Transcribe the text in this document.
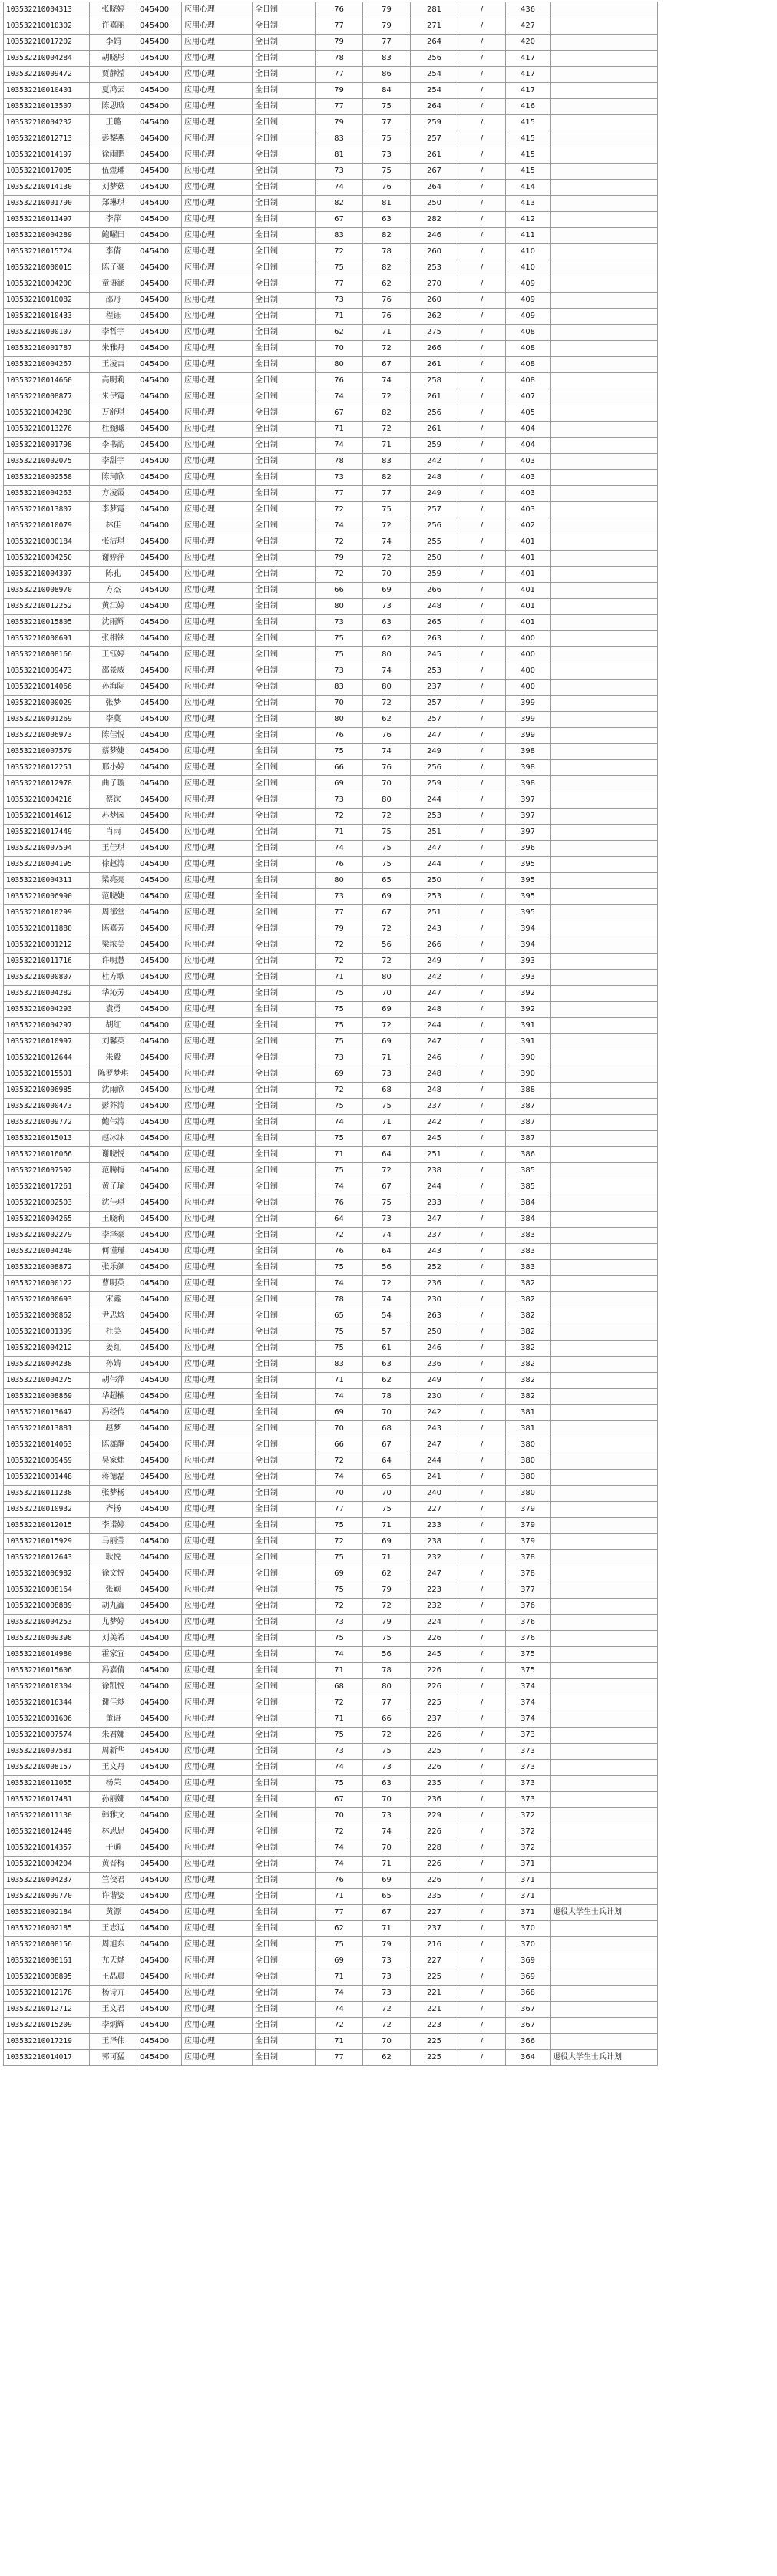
10353221000431​3	张晓婷	045400	应用心理	全日制	76	79	281	/	436	
103532210010302	许嘉丽	045400	应用心理	全日制	77	79	271	/	427	
103532210017202	李娟	045400	应用心理	全日制	79	77	264	/	420	
103532210004284	胡晓彤	045400	应用心理	全日制	78	83	256	/	417	
103532210009472	贾静滢	045400	应用心理	全日制	77	86	254	/	417	
103532210010401	夏鸿云	045400	应用心理	全日制	79	84	254	/	417	
103532210013507	陈思晗	045400	应用心理	全日制	77	75	264	/	416	
103532210004232	王璐	045400	应用心理	全日制	79	77	259	/	415	
103532210012713	彭黎燕	045400	应用心理	全日制	83	75	257	/	415	
103532210014197	徐雨鹏	045400	应用心理	全日制	81	73	261	/	415	
103532210017005	伍煜瓘	045400	应用心理	全日制	73	75	267	/	415	
103532210014130	刘梦菇	045400	应用心理	全日制	74	76	264	/	414	
103532210001790	郑琳琪	045400	应用心理	全日制	82	81	250	/	413	
103532210011497	李萍	045400	应用心理	全日制	67	63	282	/	412	
103532210004289	鲍曜田	045400	应用心理	全日制	83	82	246	/	411	
103532210015724	李倩	045400	应用心理	全日制	72	78	260	/	410	
103532210000015	陈子豪	045400	应用心理	全日制	75	82	253	/	410	
103532210004200	童语涵	045400	应用心理	全日制	77	62	270	/	409	
103532210010082	邵丹	045400	应用心理	全日制	73	76	260	/	409	
103532210010433	程钰	045400	应用心理	全日制	71	76	262	/	409	
103532210000107	李哲宇	045400	应用心理	全日制	62	71	275	/	408	
103532210001787	朱雅丹	045400	应用心理	全日制	70	72	266	/	408	
103532210004267	王凌吉	045400	应用心理	全日制	80	67	261	/	408	
103532210014660	高明莉	045400	应用心理	全日制	76	74	258	/	408	
103532210008877	朱伊霓	045400	应用心理	全日制	74	72	261	/	407	
103532210004280	万舒琪	045400	应用心理	全日制	67	82	256	/	405	
103532210013276	杜婉曦	045400	应用心理	全日制	71	72	261	/	404	
103532210001798	李书韵	045400	应用心理	全日制	74	71	259	/	404	
103532210002075	李甜宇	045400	应用心理	全日制	78	83	242	/	403	
103532210002558	陈珂欣	045400	应用心理	全日制	73	82	248	/	403	
103532210004263	方凌霞	045400	应用心理	全日制	77	77	249	/	403	
103532210013807	李梦霓	045400	应用心理	全日制	72	75	257	/	403	
103532210010079	林佳	045400	应用心理	全日制	74	72	256	/	402	
103532210000184	张洁琪	045400	应用心理	全日制	72	74	255	/	401	
103532210004250	谢婷萍	045400	应用心理	全日制	79	72	250	/	401	
103532210004307	陈孔	045400	应用心理	全日制	72	70	259	/	401	
103532210008970	方杰	045400	应用心理	全日制	66	69	266	/	401	
103532210012252	黄江婷	045400	应用心理	全日制	80	73	248	/	401	
103532210015805	沈雨辉	045400	应用心理	全日制	73	63	265	/	401	
103532210000691	张相铉	045400	应用心理	全日制	75	62	263	/	400	
103532210008166	王钰婷	045400	应用心理	全日制	75	80	245	/	400	
103532210009473	邵景威	045400	应用心理	全日制	73	74	253	/	400	
103532210014066	孙海际	045400	应用心理	全日制	83	80	237	/	400	
103532210000029	张梦	045400	应用心理	全日制	70	72	257	/	399	
103532210001269	李莫	045400	应用心理	全日制	80	62	257	/	399	
103532210006973	陈佳悦	045400	应用心理	全日制	76	76	247	/	399	
103532210007579	蔡梦婕	045400	应用心理	全日制	75	74	249	/	398	
103532210012251	邢小婷	045400	应用心理	全日制	66	76	256	/	398	
103532210012978	曲子璇	045400	应用心理	全日制	69	70	259	/	398	
103532210004216	蔡钦	045400	应用心理	全日制	73	80	244	/	397	
103532210014612	苏梦园	045400	应用心理	全日制	72	72	253	/	397	
103532210017449	肖雨	045400	应用心理	全日制	71	75	251	/	397	
103532210007594	王佳琪	045400	应用心理	全日制	74	75	247	/	396	
103532210004195	徐赵涛	045400	应用心理	全日制	76	75	244	/	395	
103532210004311	梁亮亮	045400	应用心理	全日制	80	65	250	/	395	
103532210006990	范晓婕	045400	应用心理	全日制	73	69	253	/	395	
103532210010299	周郁堂	045400	应用心理	全日制	77	67	251	/	395	
103532210011880	陈嘉芳	045400	应用心理	全日制	79	72	243	/	394	
103532210001212	梁浓美	045400	应用心理	全日制	72	56	266	/	394	
103532210011716	许明慧	045400	应用心理	全日制	72	72	249	/	393	
103532210000807	杜方歌	045400	应用心理	全日制	71	80	242	/	393	
103532210004282	华沁芳	045400	应用心理	全日制	75	70	247	/	392	
103532210004293	袁勇	045400	应用心理	全日制	75	69	248	/	392	
103532210004297	胡红	045400	应用心理	全日制	75	72	244	/	391	
103532210010997	刘馨英	045400	应用心理	全日制	75	69	247	/	391	
103532210012644	朱毅	045400	应用心理	全日制	73	71	246	/	390	
103532210015501	陈罗梦琪	045400	应用心理	全日制	69	73	248	/	390	
103532210006985	沈雨欣	045400	应用心理	全日制	72	68	248	/	388	
103532210000473	彭芥涛	045400	应用心理	全日制	75	75	237	/	387	
103532210009772	鲍伟涛	045400	应用心理	全日制	74	71	242	/	387	
103532210015013	赵冰冰	045400	应用心理	全日制	75	67	245	/	387	
103532210016066	谢晓悦	045400	应用心理	全日制	71	64	251	/	386	
103532210007592	范腾梅	045400	应用心理	全日制	75	72	238	/	385	
103532210017261	黄子瑜	045400	应用心理	全日制	74	67	244	/	385	
103532210002503	沈佳琪	045400	应用心理	全日制	76	75	233	/	384	
103532210004265	王晓莉	045400	应用心理	全日制	64	73	247	/	384	
103532210002279	李泽豪	045400	应用心理	全日制	72	74	237	/	383	
103532210004240	何谨瑾	045400	应用心理	全日制	76	64	243	/	383	
103532210008872	张乐颜	045400	应用心理	全日制	75	56	252	/	383	
103532210000122	曹明英	045400	应用心理	全日制	74	72	236	/	382	
103532210000693	宋鑫	045400	应用心理	全日制	78	74	230	/	382	
103532210000862	尹忠焓	045400	应用心理	全日制	65	54	263	/	382	
103532210001399	杜美	045400	应用心理	全日制	75	57	250	/	382	
103532210004212	姜红	045400	应用心理	全日制	75	61	246	/	382	
103532210004238	孙婧	045400	应用心理	全日制	83	63	236	/	382	
103532210004275	胡伟萍	045400	应用心理	全日制	71	62	249	/	382	
103532210008869	华超楠	045400	应用心理	全日制	74	78	230	/	382	
103532210013647	冯经传	045400	应用心理	全日制	69	70	242	/	381	
103532210013881	赵梦	045400	应用心理	全日制	70	68	243	/	381	
103532210014063	陈雄静	045400	应用心理	全日制	66	67	247	/	380	
103532210009469	吴家炜	045400	应用心理	全日制	72	64	244	/	380	
103532210001448	蒋德磊	045400	应用心理	全日制	74	65	241	/	380	
103532210011238	张梦杨	045400	应用心理	全日制	70	70	240	/	380	
103532210010932	齐扬	045400	应用心理	全日制	77	75	227	/	379	
103532210012015	李诺婷	045400	应用心理	全日制	75	71	233	/	379	
103532210015929	马丽莹	045400	应用心理	全日制	72	69	238	/	379	
103532210012643	耿悦	045400	应用心理	全日制	75	71	232	/	378	
103532210006982	徐文悦	045400	应用心理	全日制	69	62	247	/	378	
103532210008164	张颖	045400	应用心理	全日制	75	79	223	/	377	
103532210008889	胡九鑫	045400	应用心理	全日制	72	72	232	/	376	
103532210004253	尤梦婷	045400	应用心理	全日制	73	79	224	/	376	
103532210009398	刘美希	045400	应用心理	全日制	75	75	226	/	376	
103532210014980	霍家宜	045400	应用心理	全日制	74	56	245	/	375	
103532210015606	冯嘉倩	045400	应用心理	全日制	71	78	226	/	375	
103532210010304	徐凯悦	045400	应用心理	全日制	68	80	226	/	374	
103532210016344	谢佳炒	045400	应用心理	全日制	72	77	225	/	374	
103532210001606	董语	045400	应用心理	全日制	71	66	237	/	374	
103532210007574	朱君娜	045400	应用心理	全日制	75	72	226	/	373	
103532210007581	周新华	045400	应用心理	全日制	73	75	225	/	373	
103532210008157	王文丹	045400	应用心理	全日制	74	73	226	/	373	
103532210011055	杨荣	045400	应用心理	全日制	75	63	235	/	373	
103532210017481	孙丽娜	045400	应用心理	全日制	67	70	236	/	373	
103532210011130	韩雅文	045400	应用心理	全日制	70	73	229	/	372	
103532210012449	林思思	045400	应用心理	全日制	72	74	226	/	372	
103532210014357	干通	045400	应用心理	全日制	74	70	228	/	372	
103532210004204	黄晋梅	045400	应用心理	全日制	74	71	226	/	371	
103532210004237	竺佼君	045400	应用心理	全日制	76	69	226	/	371	
103532210009770	许谐姿	045400	应用心理	全日制	71	65	235	/	371	
103532210002184	黄源	045400	应用心理	全日制	77	67	227	/	371	退役大学生士兵计划
103532210002185	王志远	045400	应用心理	全日制	62	71	237	/	370	
103532210008156	周旭东	045400	应用心理	全日制	75	79	216	/	370	
103532210008161	尤天烨	045400	应用心理	全日制	69	73	227	/	369	
103532210008895	王晶晨	045400	应用心理	全日制	71	73	225	/	369	
103532210012178	杨诗卉	045400	应用心理	全日制	74	73	221	/	368	
103532210012712	王文君	045400	应用心理	全日制	74	72	221	/	367	
103532210015209	李炳辉	045400	应用心理	全日制	72	72	223	/	367	
103532210017219	王泽伟	045400	应用心理	全日制	71	70	225	/	366	
103532210014017	郭可猛	045400	应用心理	全日制	77	62	225	/	364	退役大学生士兵计划
